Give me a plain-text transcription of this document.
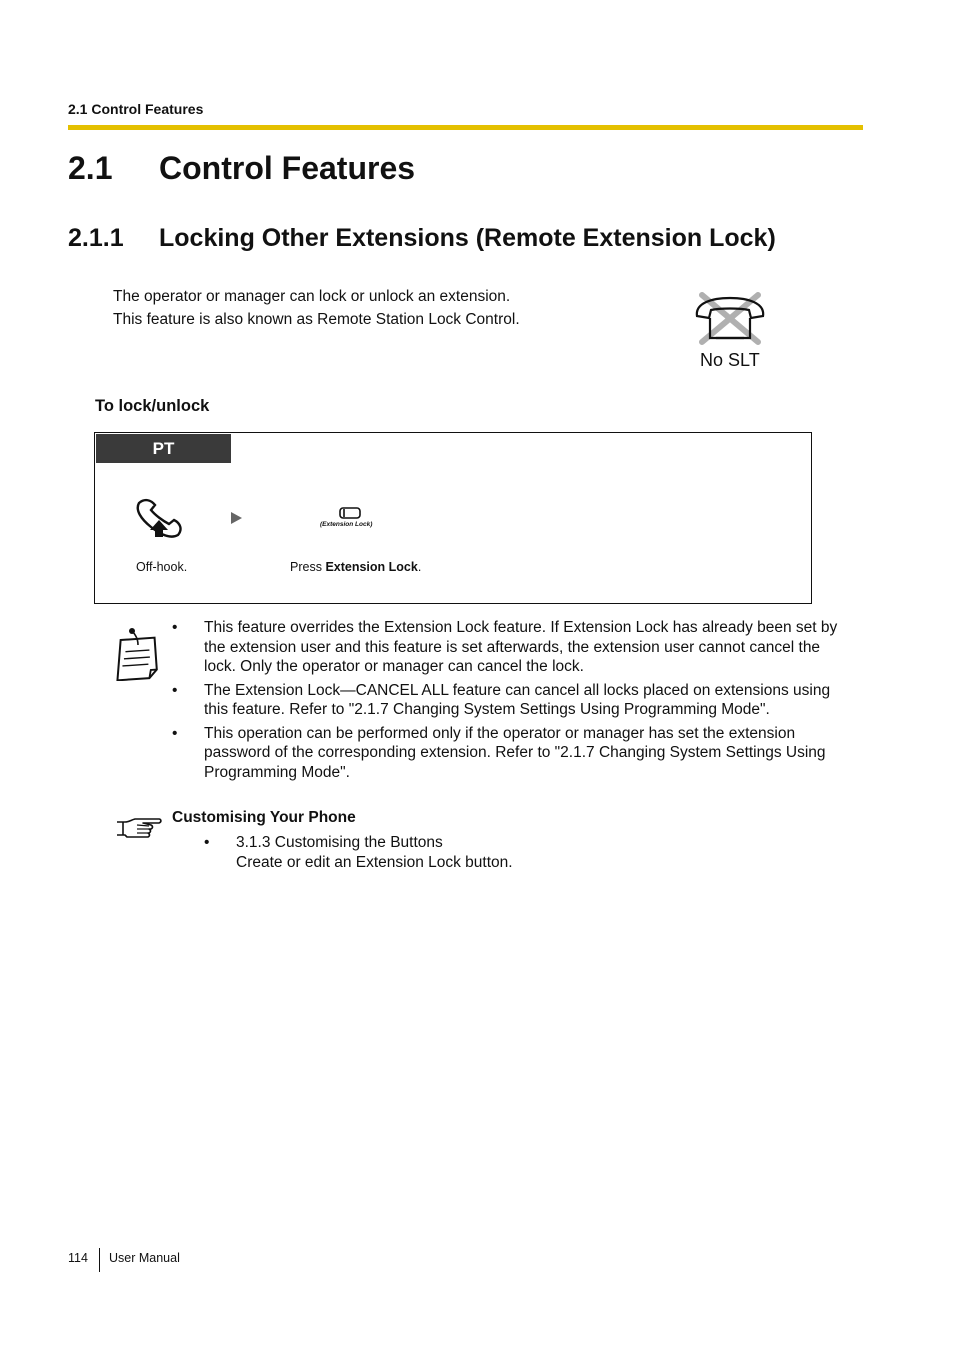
2.1 Control Features
2.1 Control Features
2.1.1 Locking Other Extensions (Remote Extension Lock)
The operator or manager can lock or unlock an extension.
This feature is also known as Remote Station Lock Control.
No SLT
To lock/unlock
PT
(Extension Lock)
Off-hook.	Press Extension Lock.
• This feature overrides the Extension Lock feature. If Extension Lock has already been set by the extension user and this feature is set afterwards, the extension user cannot cancel the lock. Only the operator or manager can cancel the lock.
• The Extension Lock—CANCEL ALL feature can cancel all locks placed on extensions using this feature. Refer to "2.1.7 Changing System Settings Using Programming Mode".
• This operation can be performed only if the operator or manager has set the extension password of the corresponding extension. Refer to "2.1.7 Changing System Settings Using Programming Mode".
Customising Your Phone
• 3.1.3 Customising the Buttons
Create or edit an Extension Lock button.
114 User Manual
